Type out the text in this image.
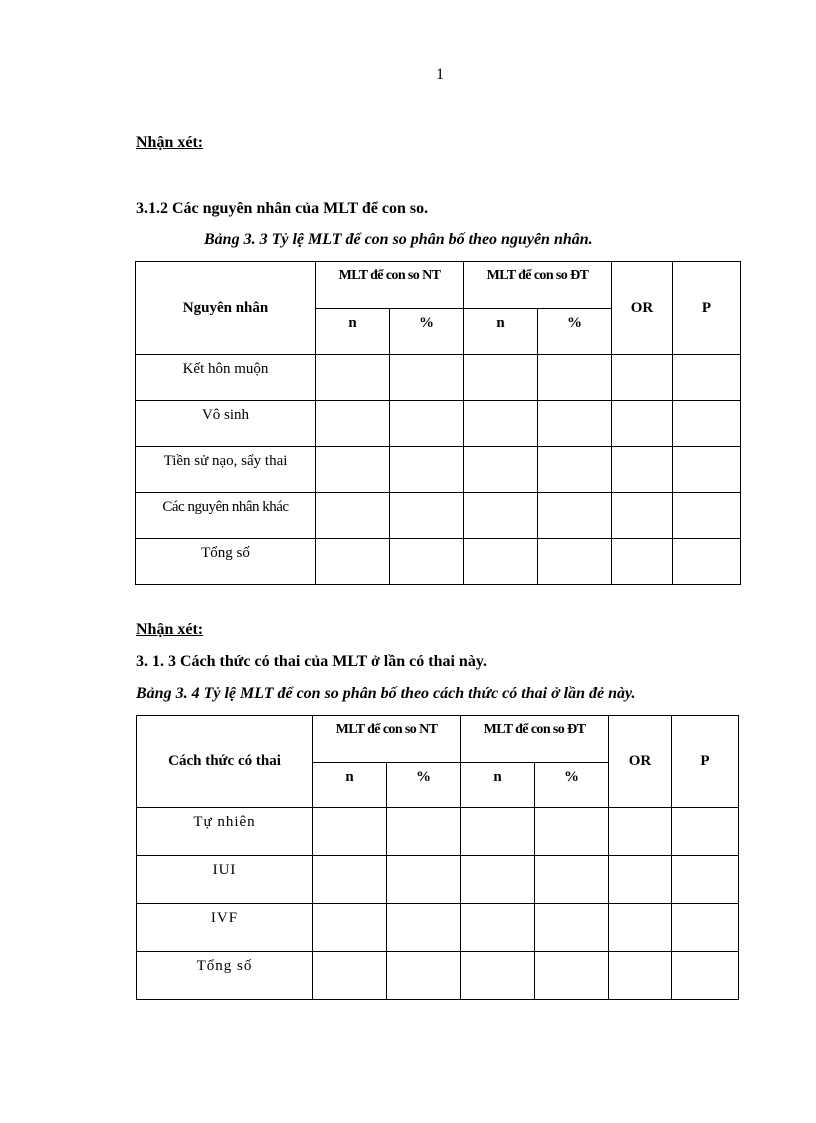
1
Nhận xét:
3.1.2 Các nguyên nhân của MLT để con so.
Bảng 3. 3 Tỷ lệ MLT để con so phân bố theo nguyên nhân.
Nguyên nhân	MLT để con so NT		MLT để con so ĐT		OR	P
	n	%	n	%		
Kết hôn muộn						
Vô sinh						
Tiền sử nạo, sẩy thai						
Các nguyên nhân khác						
Tổng số						
Nhận xét:
3. 1. 3 Cách thức có thai của MLT ở lần có thai này.
Bảng 3. 4 Tỷ lệ MLT để con so phân bố theo cách thức có thai ở lần đẻ này.
Cách thức có thai	MLT để con so NT		MLT để con so ĐT		OR	P
	n	%	n	%		
Tự nhiên						
IUI						
IVF						
Tổng số						
